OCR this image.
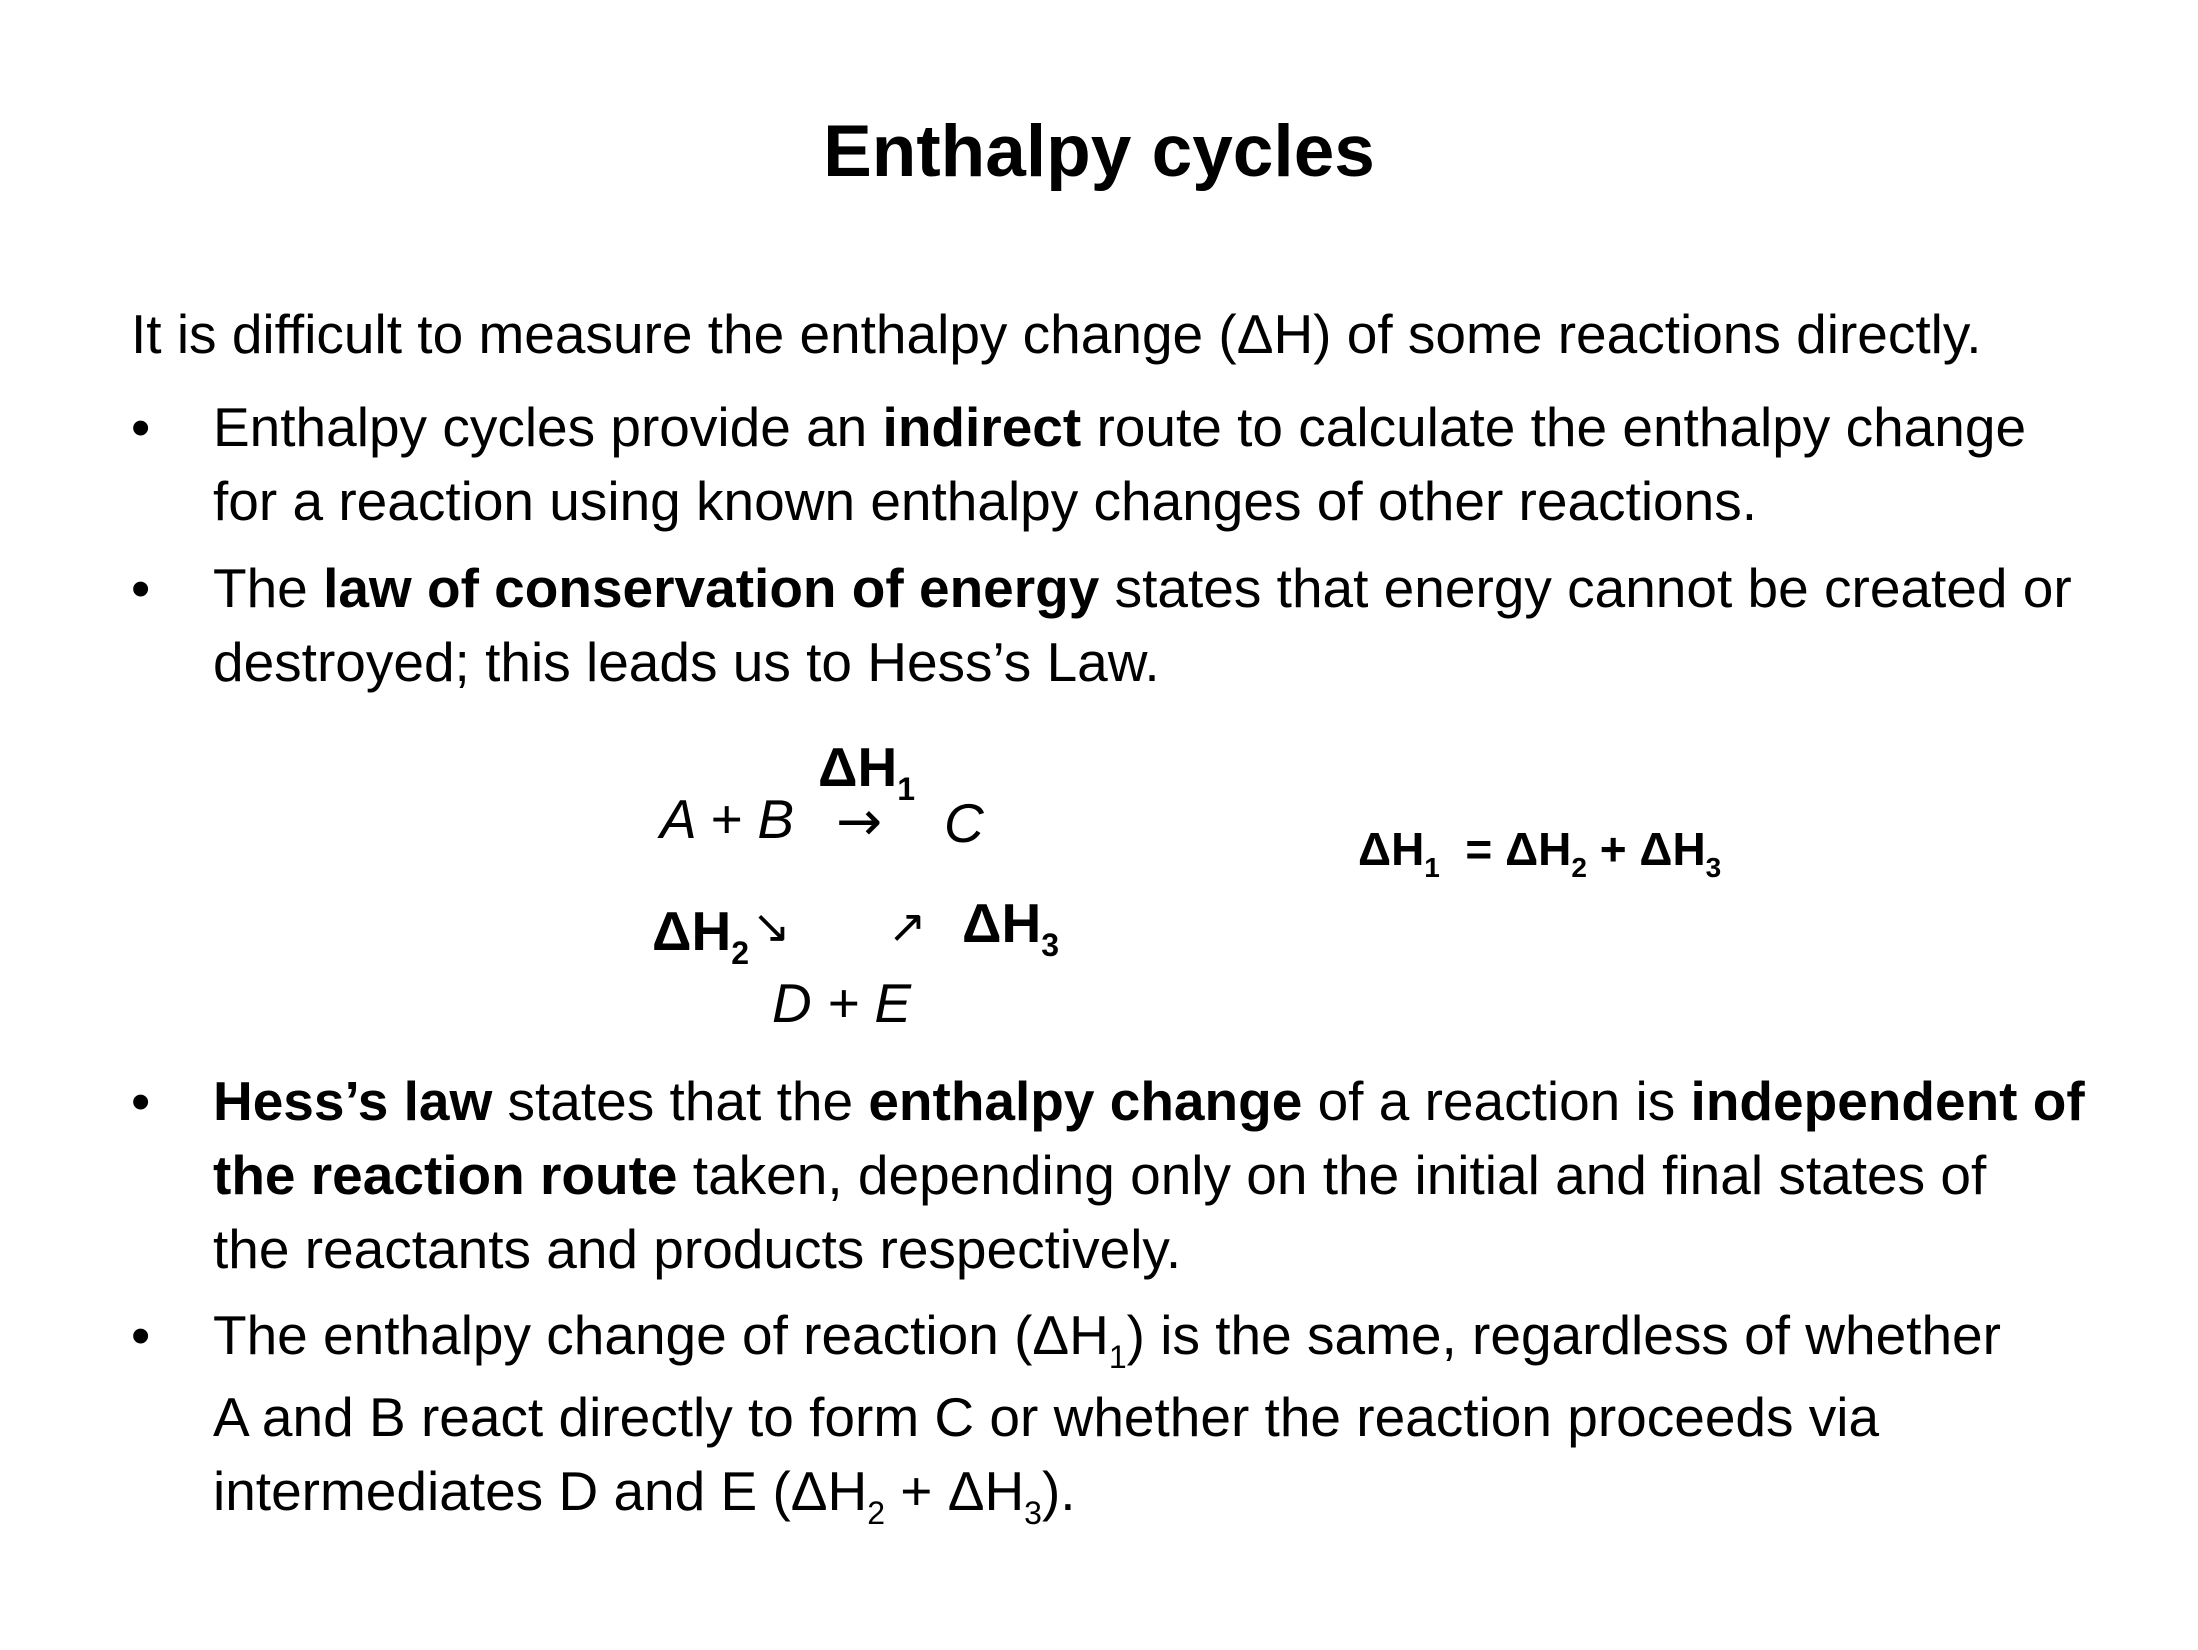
Enthalpy cycles
It is difficult to measure the enthalpy change (ΔH) of some reactions directly.
• Enthalpy cycles provide an indirect route to calculate the enthalpy change
for a reaction using known enthalpy changes of other reactions.
• The law of conservation of energy states that energy cannot be created or
destroyed; this leads us to Hess’s Law.
$\Delta H_1$
A + B → C
$\Delta H_2$ ↘ ↗ $\Delta H_3$
D + E
$\Delta H_1 = \Delta H_2 + \Delta H_3$
• Hess’s law states that the enthalpy change of a reaction is independent of
the reaction route taken, depending only on the initial and final states of
the reactants and products respectively.
• The enthalpy change of reaction $(\Delta H_1)$ is the same, regardless of whether
A and B react directly to form C or whether the reaction proceeds via
intermediates D and E $(\Delta H_2 + \Delta H_3)$.
